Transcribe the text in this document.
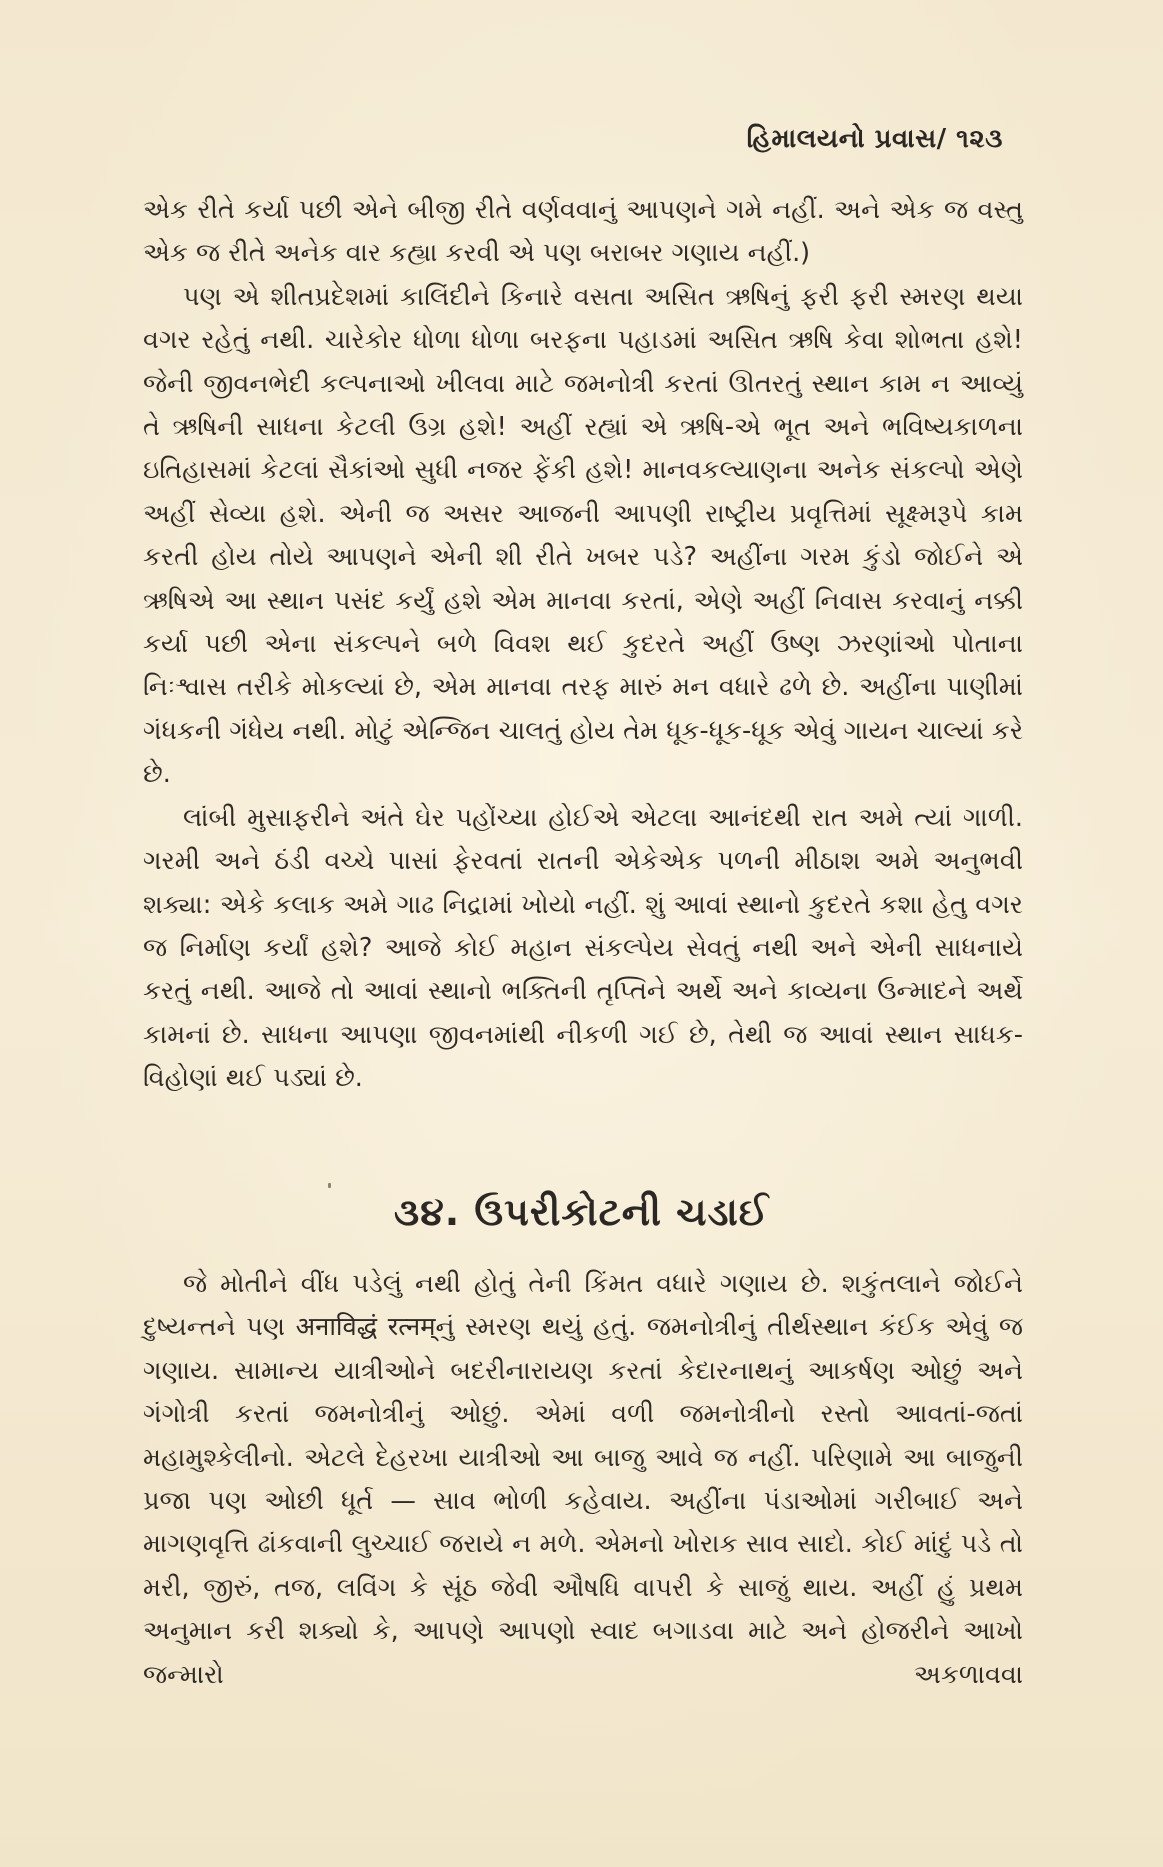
હિમાલયનો પ્રવાસ/ ૧૨૩

એક રીતે કર્યા પછી એને બીજી રીતે વર્ણવવાનું આપણને ગમે નહીં. અને એક જ વસ્તુ એક જ રીતે અનેક વાર કહ્યા કરવી એ પણ બરાબર ગણાય નહીં.)

પણ એ શીતપ્રદેશમાં કાલિંદીને કિનારે વસતા અસિત ઋષિનું ફરી ફરી સ્મરણ થયા વગર રહેતું નથી. ચારેકોર ધોળા ધોળા બરફના પહાડમાં અસિત ઋષિ કેવા શોભતા હશે! જેની જીવનભેદી કલ્પનાઓ ખીલવા માટે જમનોત્રી કરતાં ઊતરતું સ્થાન કામ ન આવ્યું તે ઋષિની સાધના કેટલી ઉગ્ર હશે! અહીં રહ્યાં એ ઋષિ-એ ભૂત અને ભવિષ્યકાળના ઇતિહાસમાં કેટલાં સૈકાંઓ સુધી નજર ફેંકી હશે! માનવકલ્યાણના અનેક સંકલ્પો એણે અહીં સેવ્યા હશે. એની જ અસર આજની આપણી રાષ્ટ્રીય પ્રવૃત્તિમાં સૂક્ષ્મરૂપે કામ કરતી હોય તોયે આપણને એની શી રીતે ખબર પડે? અહીંના ગરમ કુંડો જોઈને એ ઋષિએ આ સ્થાન પસંદ કર્યું હશે એમ માનવા કરતાં, એણે અહીં નિવાસ કરવાનું નક્કી કર્યા પછી એના સંકલ્પને બળે વિવશ થઈ કુદરતે અહીં ઉષ્ણ ઝરણાંઓ પોતાના નિઃશ્વાસ તરીકે મોકલ્યાં છે, એમ માનવા તરફ મારું મન વધારે ઢળે છે. અહીંના પાણીમાં ગંધકની ગંધેય નથી. મોટું એન્જિન ચાલતું હોય તેમ ધૂક-ધૂક-ધૂક એવું ગાયન ચાલ્યાં કરે છે.

લાંબી મુસાફરીને અંતે ઘેર પહોંચ્યા હોઈએ એટલા આનંદથી રાત અમે ત્યાં ગાળી. ગરમી અને ઠંડી વચ્ચે પાસાં ફેરવતાં રાતની એકેએક પળની મીઠાશ અમે અનુભવી શક્યા: એકે કલાક અમે ગાઢ નિદ્રામાં ખોયો નહીં. શું આવાં સ્થાનો કુદરતે કશા હેતુ વગર જ નિર્માણ કર્યાં હશે? આજે કોઈ મહાન સંકલ્પેય સેવતું નથી અને એની સાધનાયે કરતું નથી. આજે તો આવાં સ્થાનો ભક્તિની તૃપ્તિને અર્થે અને કાવ્યના ઉન્માદને અર્થે કામનાં છે. સાધના આપણા જીવનમાંથી નીકળી ગઈ છે, તેથી જ આવાં સ્થાન સાધક-વિહોણાં થઈ પડ્યાં છે.

૩૪. ઉપરીકોટની ચડાઈ

જે મોતીને વીંધ પડેલું નથી હોતું તેની કિંમત વધારે ગણાય છે. શકુંતલાને જોઈને દુષ્યન્તને પણ अनाविद्धं रत्नम्નું સ્મરણ થયું હતું. જમનોત્રીનું તીર્થસ્થાન કંઈક એવું જ ગણાય. સામાન્ય યાત્રીઓને બદરીનારાયણ કરતાં કેદારનાથનું આકર્ષણ ઓછું અને ગંગોત્રી કરતાં જમનોત્રીનું ઓછું. એમાં વળી જમનોત્રીનો રસ્તો આવતાં-જતાં મહામુશ્કેલીનો. એટલે દેહરખા યાત્રીઓ આ બાજુ આવે જ નહીં. પરિણામે આ બાજુની પ્રજા પણ ઓછી ધૂર્ત — સાવ ભોળી કહેવાય. અહીંના પંડાઓમાં ગરીબાઈ અને માગણવૃત્તિ ઢાંકવાની લુચ્ચાઈ જરાયે ન મળે. એમનો ખોરાક સાવ સાદો. કોઈ માંદું પડે તો મરી, જીરું, તજ, લવિંગ કે સૂંઠ જેવી ઔષધિ વાપરી કે સાજું થાય. અહીં હું પ્રથમ અનુમાન કરી શક્યો કે, આપણે આપણો સ્વાદ બગાડવા માટે અને હોજરીને આખો જન્મારો અકળાવવા
